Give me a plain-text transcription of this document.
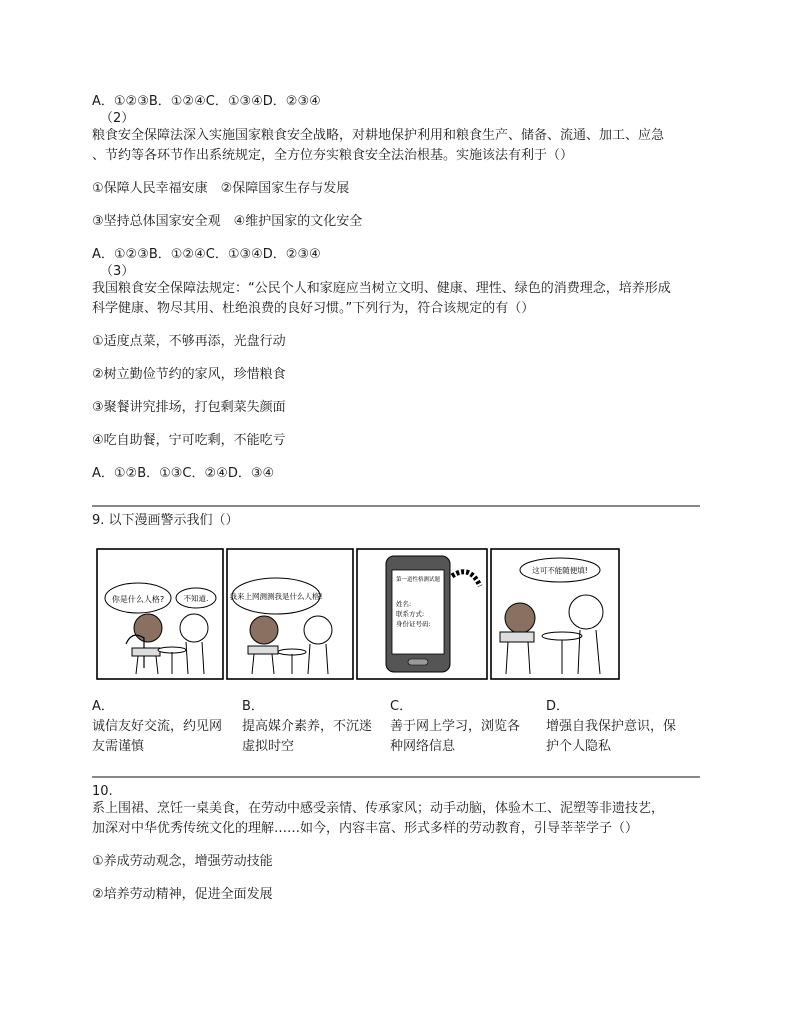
A．①②③B．①②④C．①③④D．②③④
（2）
粮食安全保障法深入实施国家粮食安全战略，对耕地保护利用和粮食生产、储备、流通、加工、应急
、节约等各环节作出系统规定，全方位夯实粮食安全法治根基。实施该法有利于（）
①保障人民幸福安康　②保障国家生存与发展
③坚持总体国家安全观　④维护国家的文化安全
A．①②③B．①②④C．①③④D．②③④
（3）
我国粮食安全保障法规定：“公民个人和家庭应当树立文明、健康、理性、绿色的消费理念，培养形成
科学健康、物尽其用、杜绝浪费的良好习惯。”下列行为，符合该规定的有（）
①适度点菜，不够再添，光盘行动
②树立勤俭节约的家风，珍惜粮食
③聚餐讲究排场，打包剩菜失颜面
④吃自助餐，宁可吃剩，不能吃亏
A．①②B．①③C．②④D．③④
9. 以下漫画警示我们（）
你是什么人格?	不知道.	我来上网测测我是什么人格!
第一道性格测试题
姓名:
联系方式:
身份证号码:
这可不能随便填!
A．
诚信友好交流，约见网友需谨慎
B．
提高媒介素养，不沉迷虚拟时空
C．
善于网上学习，浏览各种网络信息
D．
增强自我保护意识，保护个人隐私
10.
系上围裙、烹饪一桌美食，在劳动中感受亲情、传承家风；动手动脑，体验木工、泥塑等非遗技艺，
加深对中华优秀传统文化的理解……如今，内容丰富、形式多样的劳动教育，引导莘莘学子（）
①养成劳动观念，增强劳动技能
②培养劳动精神，促进全面发展
